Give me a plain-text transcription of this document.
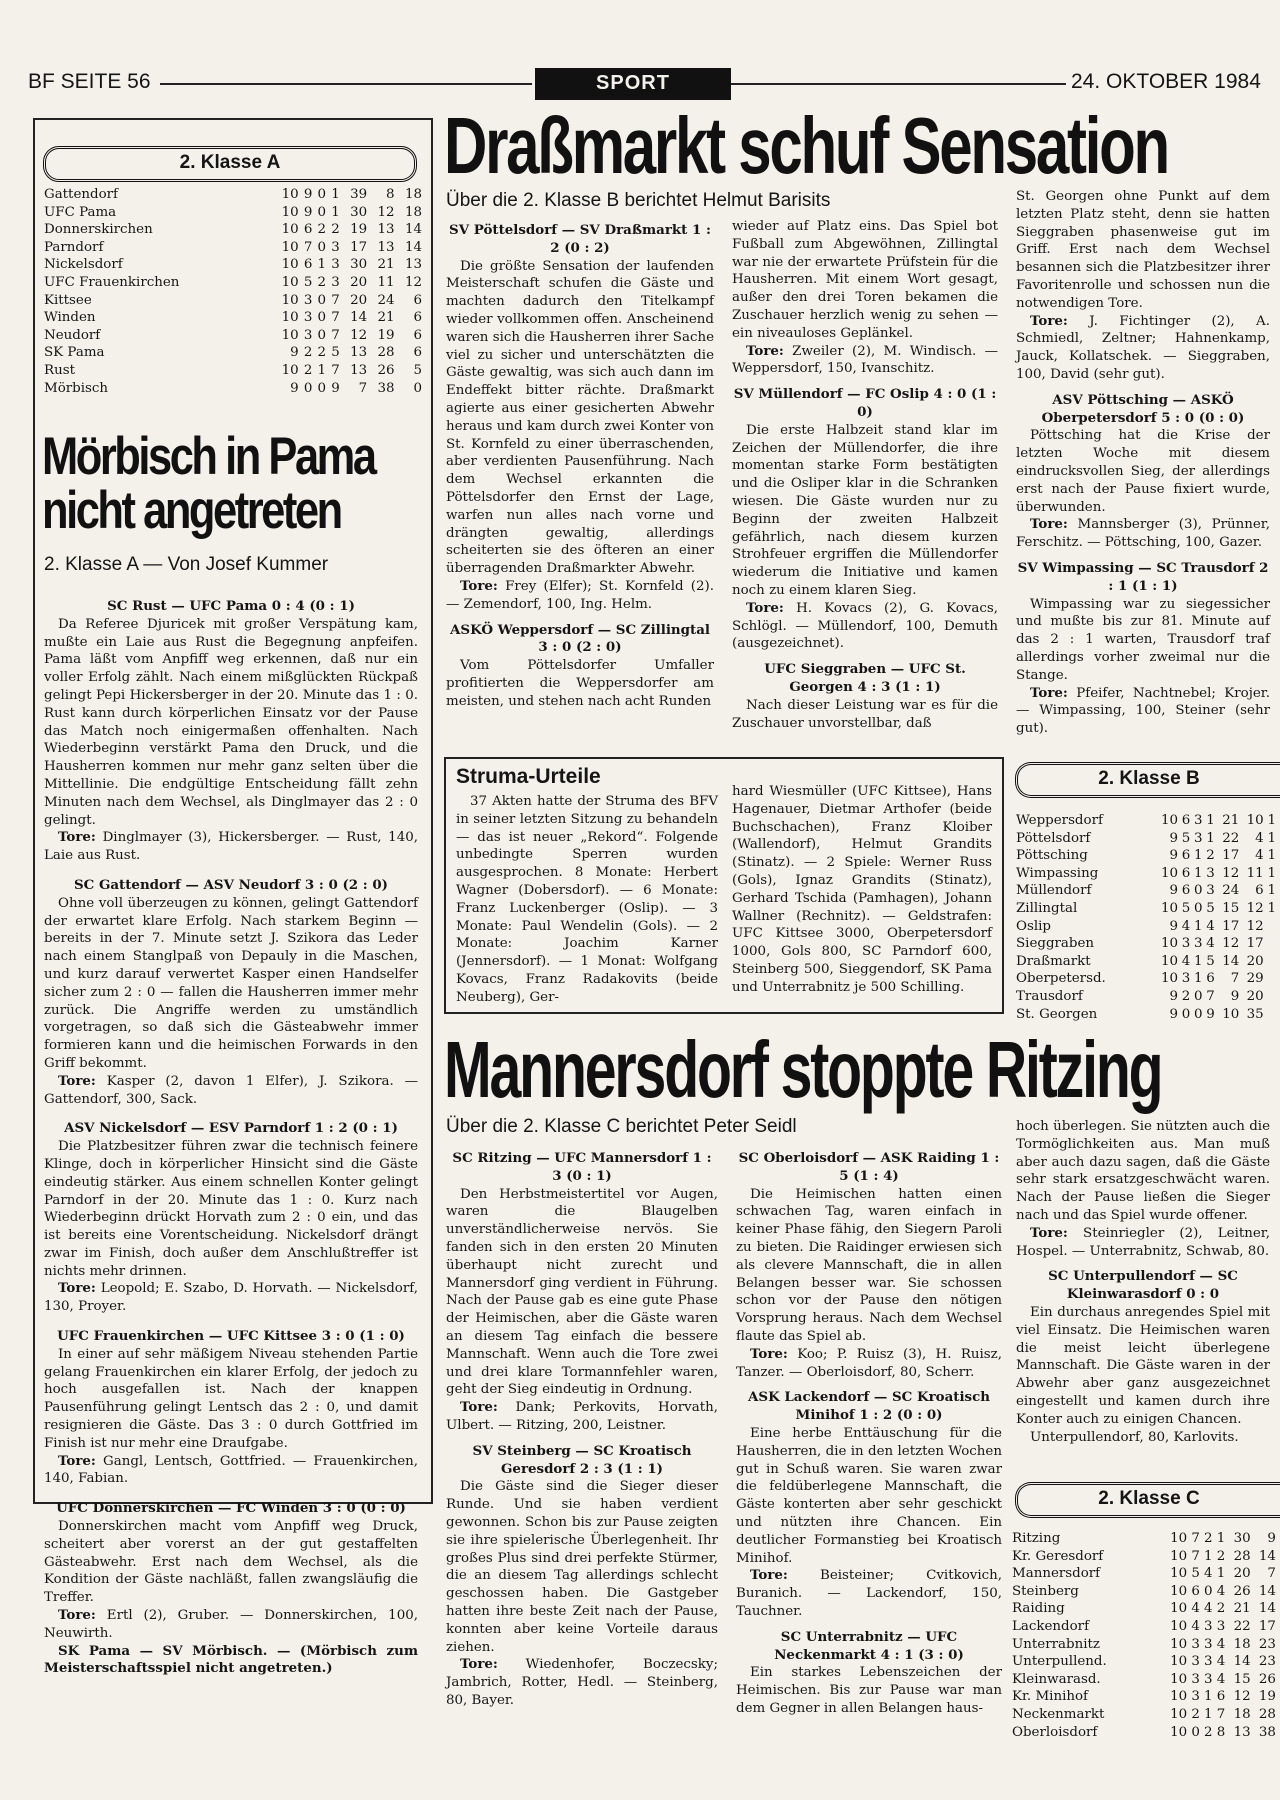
BF SEITE 56	SPORT	24. OKTOBER 1984
2. Klasse A
Gattendorf	10	9	0	1	39	8	18
UFC Pama	10	9	0	1	30	12	18
Donnerskirchen	10	6	2	2	19	13	14
Parndorf	10	7	0	3	17	13	14
Nickelsdorf	10	6	1	3	30	21	13
UFC Frauenkirchen	10	5	2	3	20	11	12
Kittsee	10	3	0	7	20	24	6
Winden	10	3	0	7	14	21	6
Neudorf	10	3	0	7	12	19	6
SK Pama	9	2	2	5	13	28	6
Rust	10	2	1	7	13	26	5
Mörbisch	9	0	0	9	7	38	0
Mörbisch in Pama
nicht angetreten
2. Klasse A — Von Josef Kummer

SC Rust — UFC Pama 0 : 4 (0 : 1)

Da Referee Djuricek mit großer Verspätung kam, mußte ein Laie aus Rust die Begegnung anpfeifen. Pama läßt vom Anpfiff weg erkennen, daß nur ein voller Erfolg zählt. Nach einem mißglückten Rückpaß gelingt Pepi Hickersberger in der 20. Minute das 1 : 0. Rust kann durch körperlichen Einsatz vor der Pause das Match noch einigermaßen offenhalten. Nach Wiederbeginn verstärkt Pama den Druck, und die Hausherren kommen nur mehr ganz selten über die Mittellinie. Die endgültige Entscheidung fällt zehn Minuten nach dem Wechsel, als Dinglmayer das 2 : 0 gelingt.

Tore: Dinglmayer (3), Hickersberger. — Rust, 140, Laie aus Rust.

SC Gattendorf — ASV Neudorf 3 : 0 (2 : 0)

Ohne voll überzeugen zu können, gelingt Gattendorf der erwartet klare Erfolg. Nach starkem Beginn — bereits in der 7. Minute setzt J. Szikora das Leder nach einem Stanglpaß von Depauly in die Maschen, und kurz darauf verwertet Kasper einen Handselfer sicher zum 2 : 0 — fallen die Hausherren immer mehr zurück. Die Angriffe werden zu umständlich vorgetragen, so daß sich die Gästeabwehr immer formieren kann und die heimischen Forwards in den Griff bekommt.

Tore: Kasper (2, davon 1 Elfer), J. Szikora. — Gattendorf, 300, Sack.

ASV Nickelsdorf — ESV Parndorf 1 : 2 (0 : 1)

Die Platzbesitzer führen zwar die technisch feinere Klinge, doch in körperlicher Hinsicht sind die Gäste eindeutig stärker. Aus einem schnellen Konter gelingt Parndorf in der 20. Minute das 1 : 0. Kurz nach Wiederbeginn drückt Horvath zum 2 : 0 ein, und das ist bereits eine Vorentscheidung. Nickelsdorf drängt zwar im Finish, doch außer dem Anschlußtreffer ist nichts mehr drinnen.

Tore: Leopold; E. Szabo, D. Horvath. — Nickelsdorf, 130, Proyer.

UFC Frauenkirchen — UFC Kittsee 3 : 0 (1 : 0)

In einer auf sehr mäßigem Niveau stehenden Partie gelang Frauenkirchen ein klarer Erfolg, der jedoch zu hoch ausgefallen ist. Nach der knappen Pausenführung gelingt Lentsch das 2 : 0, und damit resignieren die Gäste. Das 3 : 0 durch Gottfried im Finish ist nur mehr eine Draufgabe.

Tore: Gangl, Lentsch, Gottfried. — Frauenkirchen, 140, Fabian.

UFC Donnerskirchen — FC Winden 3 : 0 (0 : 0)

Donnerskirchen macht vom Anpfiff weg Druck, scheitert aber vorerst an der gut gestaffelten Gästeabwehr. Erst nach dem Wechsel, als die Kondition der Gäste nachläßt, fallen zwangsläufig die Treffer.

Tore: Ertl (2), Gruber. — Donnerskirchen, 100, Neuwirth.

SK Pama — SV Mörbisch. — (Mörbisch zum Meisterschaftsspiel nicht angetreten.)

Draßmarkt schuf Sensation
Über die 2. Klasse B berichtet Helmut Barisits

SV Pöttelsdorf — SV Draßmarkt 1 : 2 (0 : 2)

Die größte Sensation der laufenden Meisterschaft schufen die Gäste und machten dadurch den Titelkampf wieder vollkommen offen. Anscheinend waren sich die Hausherren ihrer Sache viel zu sicher und unterschätzten die Gäste gewaltig, was sich auch dann im Endeffekt bitter rächte. Draßmarkt agierte aus einer gesicherten Abwehr heraus und kam durch zwei Konter von St. Kornfeld zu einer überraschenden, aber verdienten Pausenführung. Nach dem Wechsel erkannten die Pöttelsdorfer den Ernst der Lage, warfen nun alles nach vorne und drängten gewaltig, allerdings scheiterten sie des öfteren an einer überragenden Draßmarkter Abwehr.

Tore: Frey (Elfer); St. Kornfeld (2). — Zemendorf, 100, Ing. Helm.

ASKÖ Weppersdorf — SC Zillingtal 3 : 0 (2 : 0)

Vom Pöttelsdorfer Umfaller profitierten die Weppersdorfer am meisten, und stehen nach acht Runden

wieder auf Platz eins. Das Spiel bot Fußball zum Abgewöhnen, Zillingtal war nie der erwartete Prüfstein für die Hausherren. Mit einem Wort gesagt, außer den drei Toren bekamen die Zuschauer herzlich wenig zu sehen — ein niveauloses Geplänkel.

Tore: Zweiler (2), M. Windisch. — Weppersdorf, 150, Ivanschitz.

SV Müllendorf — FC Oslip 4 : 0 (1 : 0)

Die erste Halbzeit stand klar im Zeichen der Müllendorfer, die ihre momentan starke Form bestätigten und die Osliper klar in die Schranken wiesen. Die Gäste wurden nur zu Beginn der zweiten Halbzeit gefährlich, nach diesem kurzen Strohfeuer ergriffen die Müllendorfer wiederum die Initiative und kamen noch zu einem klaren Sieg.

Tore: H. Kovacs (2), G. Kovacs, Schlögl. — Müllendorf, 100, Demuth (ausgezeichnet).

UFC Sieggraben — UFC St. Georgen 4 : 3 (1 : 1)

Nach dieser Leistung war es für die Zuschauer unvorstellbar, daß

St. Georgen ohne Punkt auf dem letzten Platz steht, denn sie hatten Sieggraben phasenweise gut im Griff. Erst nach dem Wechsel besannen sich die Platzbesitzer ihrer Favoritenrolle und schossen nun die notwendigen Tore.

Tore: J. Fichtinger (2), A. Schmiedl, Zeltner; Hahnenkamp, Jauck, Kollatschek. — Sieggraben, 100, David (sehr gut).

ASV Pöttsching — ASKÖ Oberpetersdorf 5 : 0 (0 : 0)

Pöttsching hat die Krise der letzten Woche mit diesem eindrucksvollen Sieg, der allerdings erst nach der Pause fixiert wurde, überwunden.

Tore: Mannsberger (3), Prünner, Ferschitz. — Pöttsching, 100, Gazer.

SV Wimpassing — SC Trausdorf 2 : 1 (1 : 1)

Wimpassing war zu siegessicher und mußte bis zur 81. Minute auf das 2 : 1 warten, Trausdorf traf allerdings vorher zweimal nur die Stange.

Tore: Pfeifer, Nachtnebel; Krojer. — Wimpassing, 100, Steiner (sehr gut).

2. Klasse B
Weppersdorf	10	6	3	1	21	10	1
Pöttelsdorf	9	5	3	1	22	4	1
Pöttsching	9	6	1	2	17	4	1
Wimpassing	10	6	1	3	12	11	1
Müllendorf	9	6	0	3	24	6	1
Zillingtal	10	5	0	5	15	12	1
Oslip	9	4	1	4	17	12	
Sieggraben	10	3	3	4	12	17	
Draßmarkt	10	4	1	5	14	20	
Oberpetersd.	10	3	1	6	7	29	
Trausdorf	9	2	0	7	9	20	
St. Georgen	9	0	0	9	10	35	
Struma-Urteile

37 Akten hatte der Struma des BFV in seiner letzten Sitzung zu behandeln — das ist neuer „Rekord“. Folgende unbedingte Sperren wurden ausgesprochen. 8 Monate: Herbert Wagner (Dobersdorf). — 6 Monate: Franz Luckenberger (Oslip). — 3 Monate: Paul Wendelin (Gols). — 2 Monate: Joachim Karner (Jennersdorf). — 1 Monat: Wolfgang Kovacs, Franz Radakovits (beide Neuberg), Ger-

hard Wiesmüller (UFC Kittsee), Hans Hagenauer, Dietmar Arthofer (beide Buchschachen), Franz Kloiber (Wallendorf), Helmut Grandits (Stinatz). — 2 Spiele: Werner Russ (Gols), Ignaz Grandits (Stinatz), Gerhard Tschida (Pamhagen), Johann Wallner (Rechnitz). — Geldstrafen: UFC Kittsee 3000, Oberpetersdorf 1000, Gols 800, SC Parndorf 600, Steinberg 500, Sieggendorf, SK Pama und Unterrabnitz je 500 Schilling.

Mannersdorf stoppte Ritzing
Über die 2. Klasse C berichtet Peter Seidl

SC Ritzing — UFC Mannersdorf 1 : 3 (0 : 1)

Den Herbstmeistertitel vor Augen, waren die Blaugelben unverständlicherweise nervös. Sie fanden sich in den ersten 20 Minuten überhaupt nicht zurecht und Mannersdorf ging verdient in Führung. Nach der Pause gab es eine gute Phase der Heimischen, aber die Gäste waren an diesem Tag einfach die bessere Mannschaft. Wenn auch die Tore zwei und drei klare Tormannfehler waren, geht der Sieg eindeutig in Ordnung.

Tore: Dank; Perkovits, Horvath, Ulbert. — Ritzing, 200, Leistner.

SV Steinberg — SC Kroatisch Geresdorf 2 : 3 (1 : 1)

Die Gäste sind die Sieger dieser Runde. Und sie haben verdient gewonnen. Schon bis zur Pause zeigten sie ihre spielerische Überlegenheit. Ihr großes Plus sind drei perfekte Stürmer, die an diesem Tag allerdings schlecht geschossen haben. Die Gastgeber hatten ihre beste Zeit nach der Pause, konnten aber keine Vorteile daraus ziehen.

Tore: Wiedenhofer, Boczecsky; Jambrich, Rotter, Hedl. — Steinberg, 80, Bayer.

SC Oberloisdorf — ASK Raiding 1 : 5 (1 : 4)

Die Heimischen hatten einen schwachen Tag, waren einfach in keiner Phase fähig, den Siegern Paroli zu bieten. Die Raidinger erwiesen sich als clevere Mannschaft, die in allen Belangen besser war. Sie schossen schon vor der Pause den nötigen Vorsprung heraus. Nach dem Wechsel flaute das Spiel ab.

Tore: Koo; P. Ruisz (3), H. Ruisz, Tanzer. — Oberloisdorf, 80, Scherr.

ASK Lackendorf — SC Kroatisch Minihof 1 : 2 (0 : 0)

Eine herbe Enttäuschung für die Hausherren, die in den letzten Wochen gut in Schuß waren. Sie waren zwar die feldüberlegene Mannschaft, die Gäste konterten aber sehr geschickt und nützten ihre Chancen. Ein deutlicher Formanstieg bei Kroatisch Minihof.

Tore: Beisteiner; Cvitkovich, Buranich. — Lackendorf, 150, Tauchner.

SC Unterrabnitz — UFC Neckenmarkt 4 : 1 (3 : 0)

Ein starkes Lebenszeichen der Heimischen. Bis zur Pause war man dem Gegner in allen Belangen haus-

hoch überlegen. Sie nützten auch die Tormöglichkeiten aus. Man muß aber auch dazu sagen, daß die Gäste sehr stark ersatzgeschwächt waren. Nach der Pause ließen die Sieger nach und das Spiel wurde offener.

Tore: Steinriegler (2), Leitner, Hospel. — Unterrabnitz, Schwab, 80.

SC Unterpullendorf — SC Kleinwarasdorf 0 : 0

Ein durchaus anregendes Spiel mit viel Einsatz. Die Heimischen waren die meist leicht überlegene Mannschaft. Die Gäste waren in der Abwehr aber ganz ausgezeichnet eingestellt und kamen durch ihre Konter auch zu einigen Chancen.

Unterpullendorf, 80, Karlovits.

2. Klasse C
Ritzing	10	7	2	1	30	9	
Kr. Geresdorf	10	7	1	2	28	14	
Mannersdorf	10	5	4	1	20	7	
Steinberg	10	6	0	4	26	14	
Raiding	10	4	4	2	21	14	
Lackendorf	10	4	3	3	22	17	
Unterrabnitz	10	3	3	4	18	23	
Unterpullend.	10	3	3	4	14	23	
Kleinwarasd.	10	3	3	4	15	26	
Kr. Minihof	10	3	1	6	12	19	
Neckenmarkt	10	2	1	7	18	28	
Oberloisdorf	10	0	2	8	13	38	
